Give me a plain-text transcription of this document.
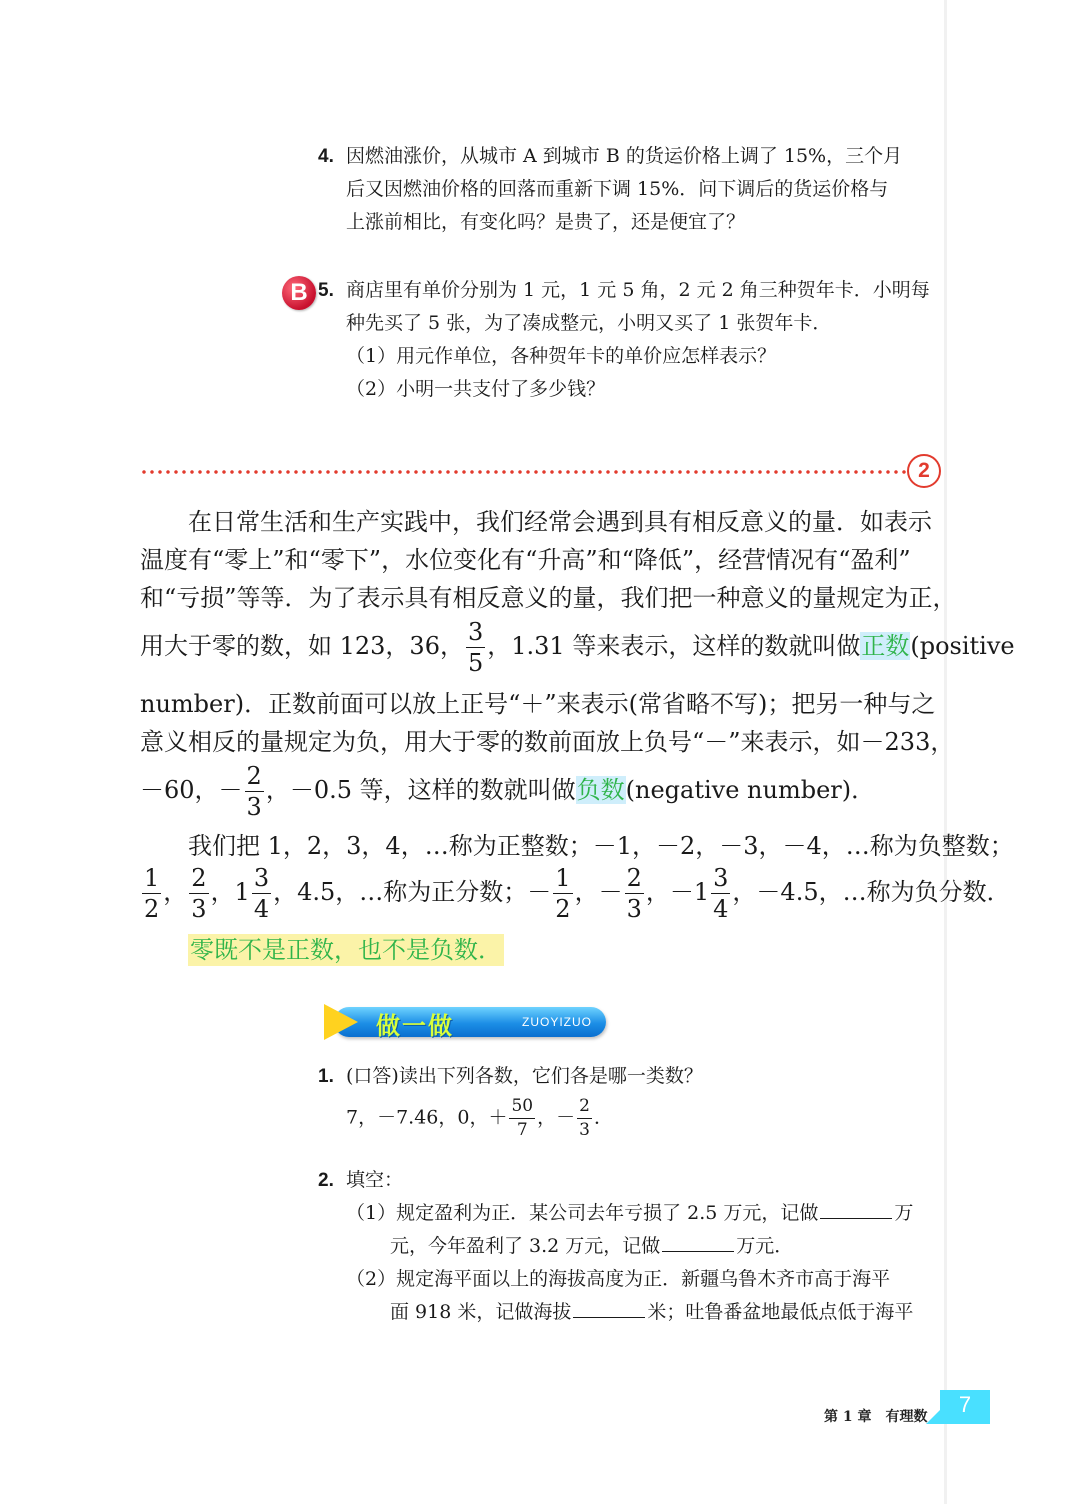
4. 因燃油涨价，从城市 A 到城市 B 的货运价格上调了 15%，三个月
后又因燃油价格的回落而重新下调 15%．问下调后的货运价格与
上涨前相比，有变化吗？是贵了，还是便宜了？
B 5. 商店里有单价分别为 1 元，1 元 5 角，2 元 2 角三种贺年卡．小明每
种先买了 5 张，为了凑成整元，小明又买了 1 张贺年卡．
（1）用元作单位，各种贺年卡的单价应怎样表示？
（2）小明一共支付了多少钱？
2
在日常生活和生产实践中，我们经常会遇到具有相反意义的量．如表示
温度有“零上”和“零下”，水位变化有“升高”和“降低”，经营情况有“盈利”
和“亏损”等等．为了表示具有相反意义的量，我们把一种意义的量规定为正，
用大于零的数，如 123，36， $\frac{3}{5}$ ，1.31 等来表示，这样的数就叫做正数(positive
number)．正数前面可以放上正号“＋”来表示(常省略不写)；把另一种与之
意义相反的量规定为负，用大于零的数前面放上负号“－”来表示，如－233，
－60，－ $\frac{2}{3}$ ，－0.5 等，这样的数就叫做负数(negative number)．
我们把 1，2，3，4，…称为正整数；－1，－2，－3，－4，…称为负整数；
$\frac{1}{2}$ ， $\frac{2}{3}$ ，$1 \frac{3}{4}$ ，4.5，…称为正分数；－ $\frac{1}{2}$ ，－ $\frac{2}{3}$ ，$-1 \frac{3}{4}$ ，－4.5，…称为负分数．
零既不是正数，也不是负数．
做一做	ZUOYIZUO
1. (口答)读出下列各数，它们各是哪一类数？
7，－7.46，0，＋ $\frac{50}{7}$ ，－ $\frac{2}{3}$ ．
2. 填空：
（1）规定盈利为正．某公司去年亏损了 2.5 万元，记做	万
元，今年盈利了 3.2 万元，记做	万元．
（2）规定海平面以上的海拔高度为正．新疆乌鲁木齐市高于海平
面 918 米，记做海拔	米；吐鲁番盆地最低点低于海平
第 1 章 有理数	7
